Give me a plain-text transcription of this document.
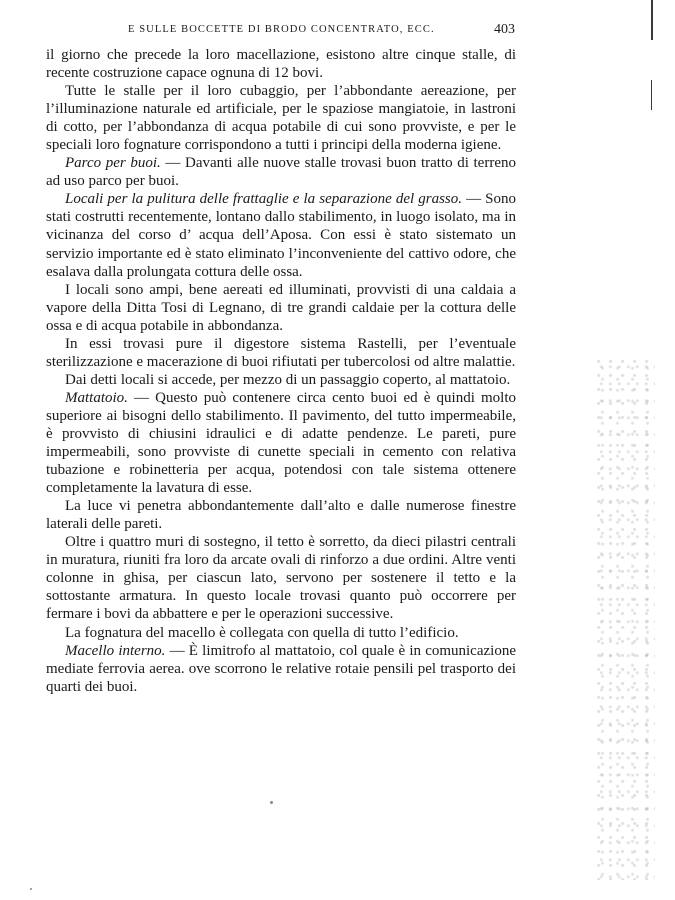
E SULLE BOCCETTE DI BRODO CONCENTRATO, ECC.	403

il giorno che precede la loro macellazione, esistono altre cinque stalle, di recente costruzione capace ognuna di 12 bovi.

Tutte le stalle per il loro cubaggio, per l’abbondante aereazione, per l’illuminazione naturale ed artificiale, per le spaziose mangiatoie, in lastroni di cotto, per l’abbondanza di acqua potabile di cui sono provviste, e per le speciali loro fognature corrispondono a tutti i principi della moderna igiene.

Parco per buoi. — Davanti alle nuove stalle trovasi buon tratto di terreno ad uso parco per buoi.

Locali per la pulitura delle frattaglie e la separazione del grasso. — Sono stati costrutti recentemente, lontano dallo stabilimento, in luogo isolato, ma in vicinanza del corso d’ acqua dell’Aposa. Con essi è stato sistemato un servizio importante ed è stato eliminato l’inconveniente del cattivo odore, che esalava dalla prolungata cottura delle ossa.

I locali sono ampi, bene aereati ed illuminati, provvisti di una caldaia a vapore della Ditta Tosi di Legnano, di tre grandi caldaie per la cottura delle ossa e di acqua potabile in abbondanza.

In essi trovasi pure il digestore sistema Rastelli, per l’eventuale sterilizzazione e macerazione di buoi rifiutati per tubercolosi od altre malattie.

Dai detti locali si accede, per mezzo di un passaggio coperto, al mattatoio.

Mattatoio. — Questo può contenere circa cento buoi ed è quindi molto superiore ai bisogni dello stabilimento. Il pavimento, del tutto impermeabile, è provvisto di chiusini idraulici e di adatte pendenze. Le pareti, pure impermeabili, sono provviste di cunette speciali in cemento con relativa tubazione e robinetteria per acqua, potendosi con tale sistema ottenere completamente la lavatura di esse.

La luce vi penetra abbondantemente dall’alto e dalle numerose finestre laterali delle pareti.

Oltre i quattro muri di sostegno, il tetto è sorretto, da dieci pilastri centrali in muratura, riuniti fra loro da arcate ovali di rinforzo a due ordini. Altre venti colonne in ghisa, per ciascun lato, servono per sostenere il tetto e la sottostante armatura. In questo locale trovasi quanto può occorrere per fermare i bovi da abbattere e per le operazioni successive.

La fognatura del macello è collegata con quella di tutto l’edificio.

Macello interno. — È limitrofo al mattatoio, col quale è in comunicazione mediate ferrovia aerea. ove scorrono le relative rotaie pensili pel trasporto dei quarti dei buoi.
